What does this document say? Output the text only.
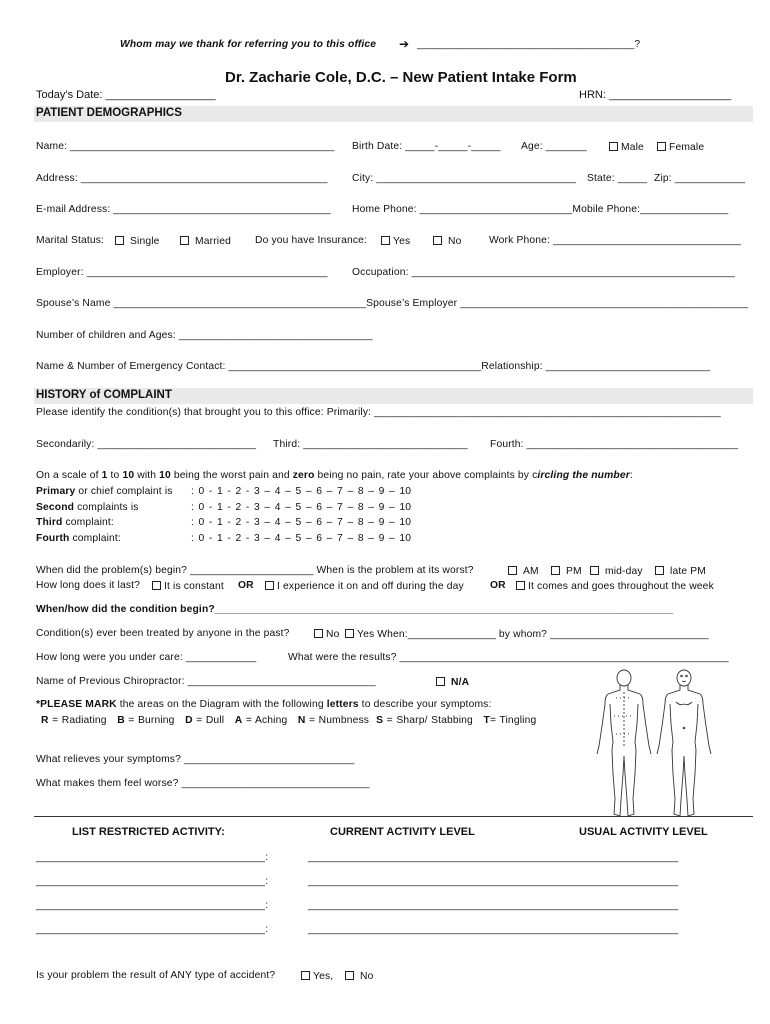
Whom may we thank for referring you to this office ➔ _____________________________________?
Dr. Zacharie Cole, D.C. – New Patient Intake Form
Today’s Date: __________________	HRN: ____________________
PATIENT DEMOGRAPHICS
Name: _____________________________________________ Birth Date: _____-_____-_____ Age: _______	Male	Female
Address: __________________________________________ City: __________________________________ State: _____ Zip: ____________
E-mail Address: _____________________________________ Home Phone: __________________________Mobile Phone:_______________
Marital Status:	Single	Married Do you have Insurance:	Yes	No	Work Phone: ________________________________
Employer: _________________________________________ Occupation: _______________________________________________________
Spouse’s Name ___________________________________________Spouse’s Employer _________________________________________________
Number of children and Ages: _________________________________
Name & Number of Emergency Contact: ___________________________________________Relationship: ____________________________
HISTORY of COMPLAINT
Please identify the condition(s) that brought you to this office: Primarily: ___________________________________________________________
Secondarily: ___________________________ Third: ____________________________ Fourth: ____________________________________
On a scale of 1 to 10 with 10 being the worst pain and zero being no pain, rate your above complaints by circling the number:
Primary or chief complaint is : 0 - 1 - 2 - 3 – 4 – 5 – 6 – 7 – 8 – 9 – 10
Second complaints is	: 0 - 1 - 2 - 3 – 4 – 5 – 6 – 7 – 8 – 9 – 10
Third complaint:	: 0 - 1 - 2 - 3 – 4 – 5 – 6 – 7 – 8 – 9 – 10
Fourth complaint:	: 0 - 1 - 2 - 3 – 4 – 5 – 6 – 7 – 8 – 9 – 10
When did the problem(s) begin? _____________________ When is the problem at its worst?	AM	PM	mid-day	late PM
How long does it last?	It is constant OR	I experience it on and off during the day	OR	It comes and goes throughout the week
When/how did the condition begin?______________________________________________________________________________
Condition(s) ever been treated by anyone in the past?	No	Yes When:_______________ by whom? ___________________________
How long were you under care: ____________	What were the results? ________________________________________________________
Name of Previous Chiropractor: ________________________________	N/A
*PLEASE MARK the areas on the Diagram with the following letters to describe your symptoms:
R = Radiating B = Burning D = Dull A = Aching N = Numbness S = Sharp/ Stabbing T= Tingling
What relieves your symptoms? _____________________________
What makes them feel worse? ________________________________
LIST RESTRICTED ACTIVITY:	CURRENT ACTIVITY LEVEL	USUAL ACTIVITY LEVEL
_______________________________________:	_______________________________________________________________
_______________________________________:	_______________________________________________________________
_______________________________________:	_______________________________________________________________
_______________________________________:	_______________________________________________________________
Is your problem the result of ANY type of accident?	Yes,	No
